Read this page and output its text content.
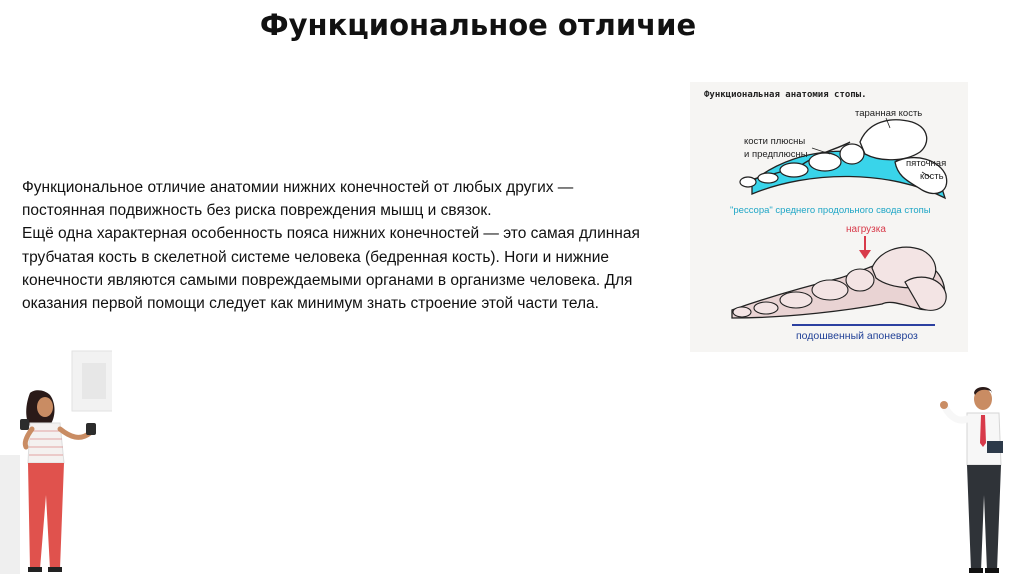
Функциональное отличие

Функциональное отличие анатомии нижних конечностей от любых других — постоянная подвижность без риска повреждения мышц и связок.

Ещё одна характерная особенность пояса нижних конечностей — это самая длинная трубчатая кость в скелетной системе человека (бедренная кость). Ноги и нижние конечности являются самыми повреждаемыми органами в организме человека. Для оказания первой помощи следует как минимум знать строение этой части тела.

Функциональная анатомия стопы.
таранная кость
кости плюсны
и предплюсны
пяточная
кость
"рессора" среднего продольного свода стопы
нагрузка
подошвенный апоневроз
